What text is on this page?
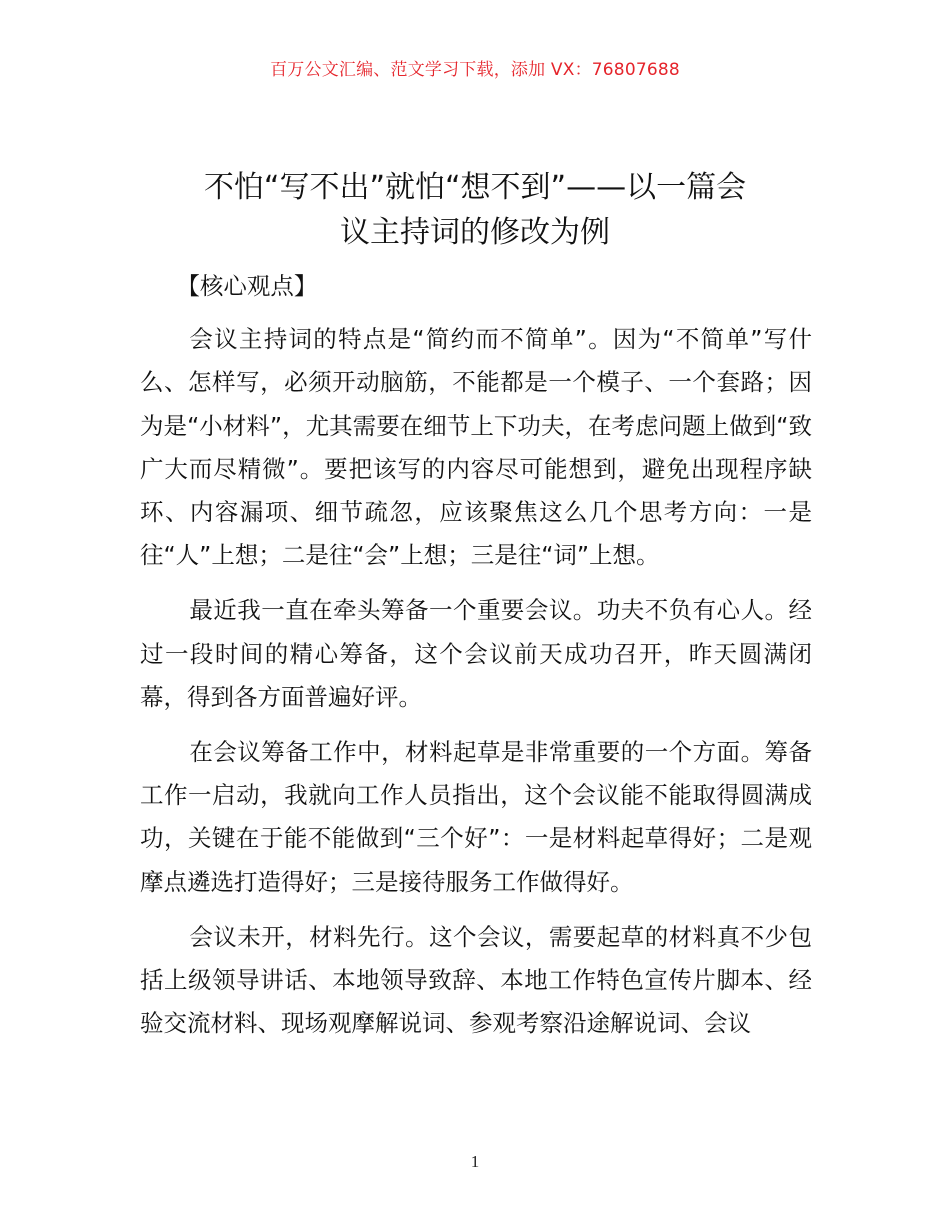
百万公文汇编、范文学习下载，添加 VX：76807688
不怕“写不出”就怕“想不到”——以一篇会
议主持词的修改为例

【核心观点】

会议主持词的特点是“简约而不简单”。因为“不简单”写什么、怎样写，必须开动脑筋，不能都是一个模子、一个套路；因为是“小材料”，尤其需要在细节上下功夫，在考虑问题上做到“致广大而尽精微”。要把该写的内容尽可能想到，避免出现程序缺环、内容漏项、细节疏忽，应该聚焦这么几个思考方向：一是往“人”上想；二是往“会”上想；三是往“词”上想。

最近我一直在牵头筹备一个重要会议。功夫不负有心人。经过一段时间的精心筹备，这个会议前天成功召开，昨天圆满闭幕，得到各方面普遍好评。

在会议筹备工作中，材料起草是非常重要的一个方面。筹备工作一启动，我就向工作人员指出，这个会议能不能取得圆满成功，关键在于能不能做到“三个好”：一是材料起草得好；二是观摩点遴选打造得好；三是接待服务工作做得好。

会议未开，材料先行。这个会议，需要起草的材料真不少包括上级领导讲话、本地领导致辞、本地工作特色宣传片脚本、经验交流材料、现场观摩解说词、参观考察沿途解说词、会议

1
